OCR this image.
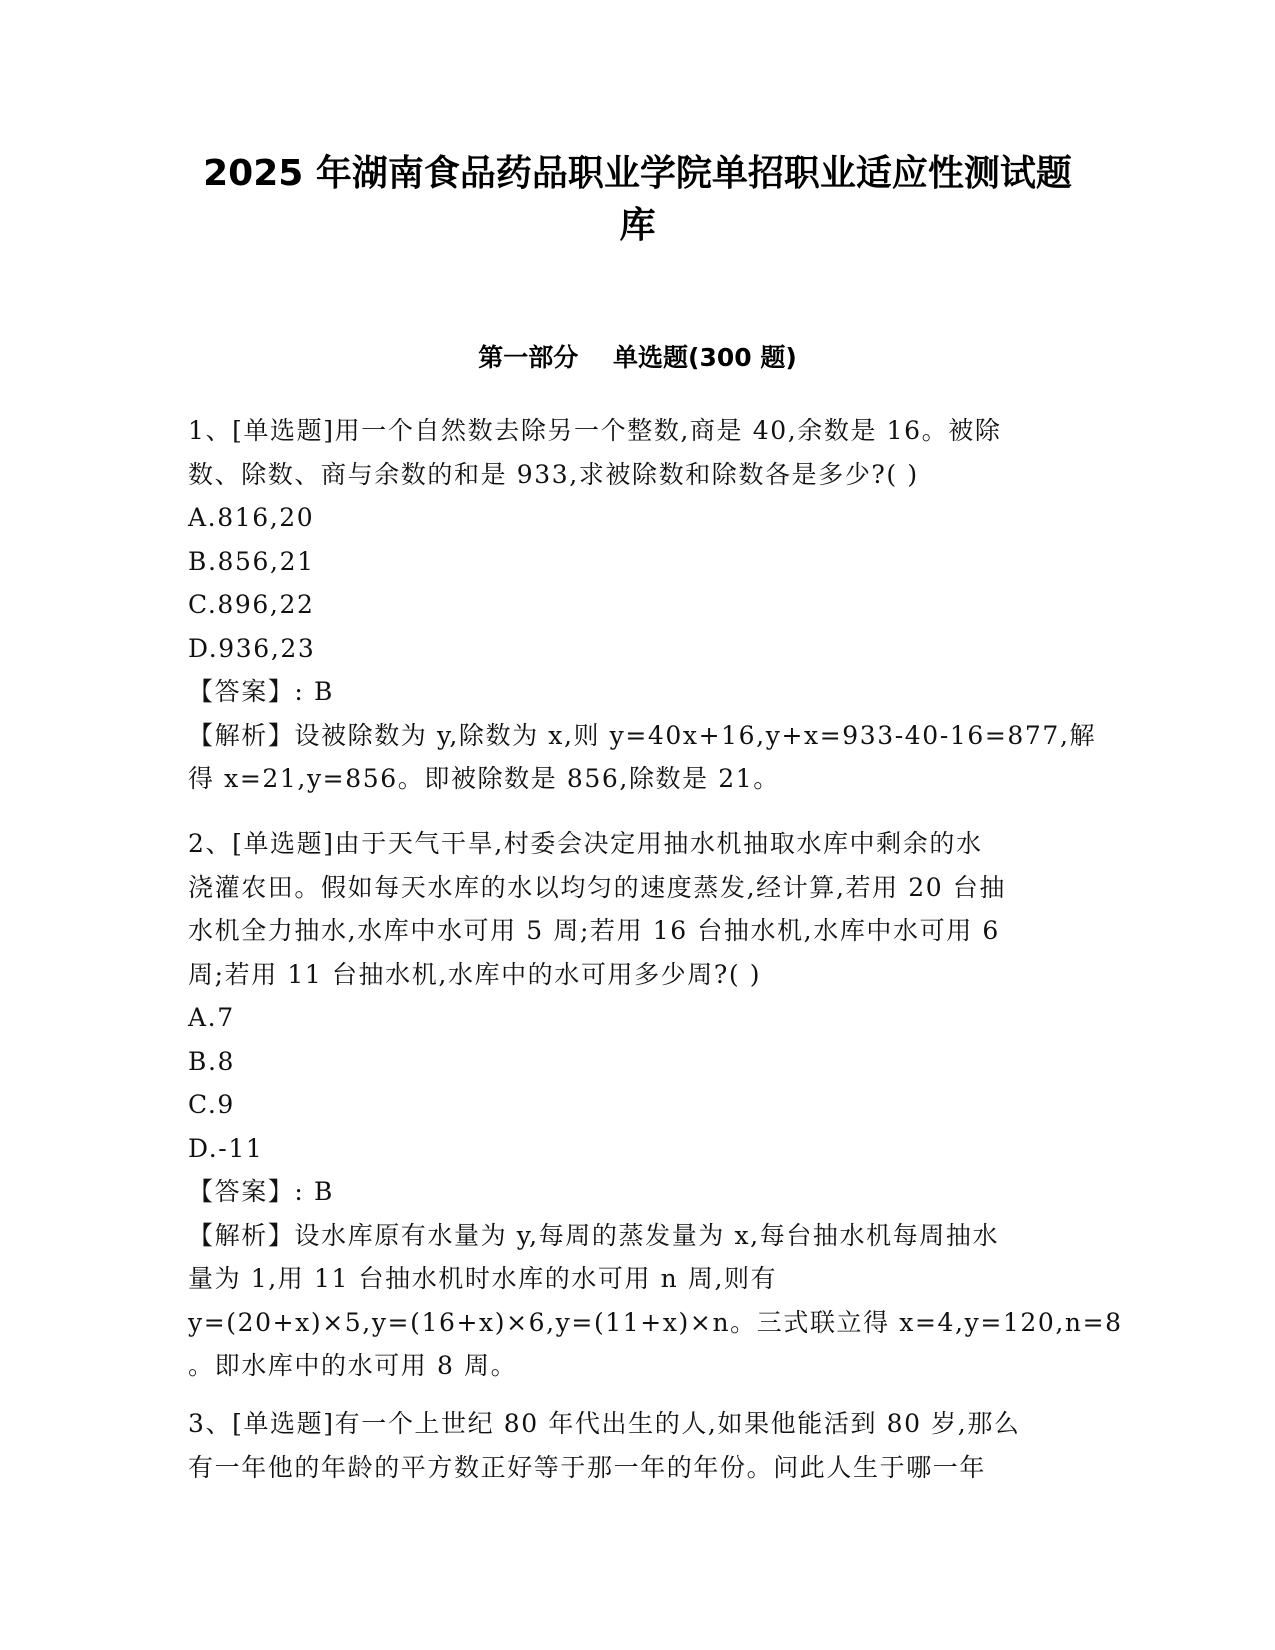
2025 年湖南食品药品职业学院单招职业适应性测试题
库
第一部分    单选题(300 题)
1、[单选题]用一个自然数去除另一个整数,商是 40,余数是 16。被除
数、除数、商与余数的和是 933,求被除数和除数各是多少?( )
A.816,20
B.856,21
C.896,22
D.936,23
【答案】: B
【解析】设被除数为 y,除数为 x,则 y=40x+16,y+x=933-40-16=877,解
得 x=21,y=856。即被除数是 856,除数是 21。
2、[单选题]由于天气干旱,村委会决定用抽水机抽取水库中剩余的水
浇灌农田。假如每天水库的水以均匀的速度蒸发,经计算,若用 20 台抽
水机全力抽水,水库中水可用 5 周;若用 16 台抽水机,水库中水可用 6
周;若用 11 台抽水机,水库中的水可用多少周?( )
A.7
B.8
C.9
D.-11
【答案】: B
【解析】设水库原有水量为 y,每周的蒸发量为 x,每台抽水机每周抽水
量为 1,用 11 台抽水机时水库的水可用 n 周,则有
y=(20+x)×5,y=(16+x)×6,y=(11+x)×n。三式联立得 x=4,y=120,n=8
。即水库中的水可用 8 周。
3、[单选题]有一个上世纪 80 年代出生的人,如果他能活到 80 岁,那么
有一年他的年龄的平方数正好等于那一年的年份。问此人生于哪一年
